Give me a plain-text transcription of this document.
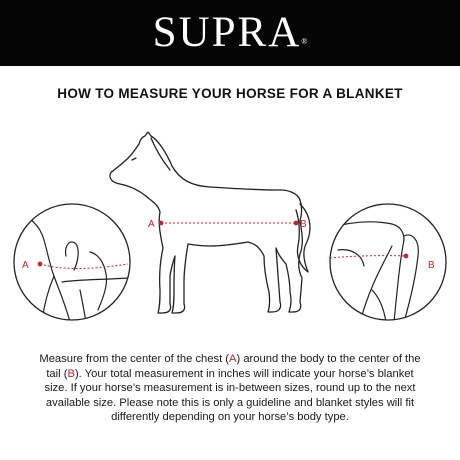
SUPRA®
HOW TO MEASURE YOUR HORSE FOR A BLANKET
A	B
A	B
Measure from the center of the chest (A) around the body to the center of the tail (B). Your total measurement in inches will indicate your horse’s blanket size. If your horse’s measurement is in-between sizes, round up to the next available size. Please note this is only a guideline and blanket styles will fit differently depending on your horse’s body type.
